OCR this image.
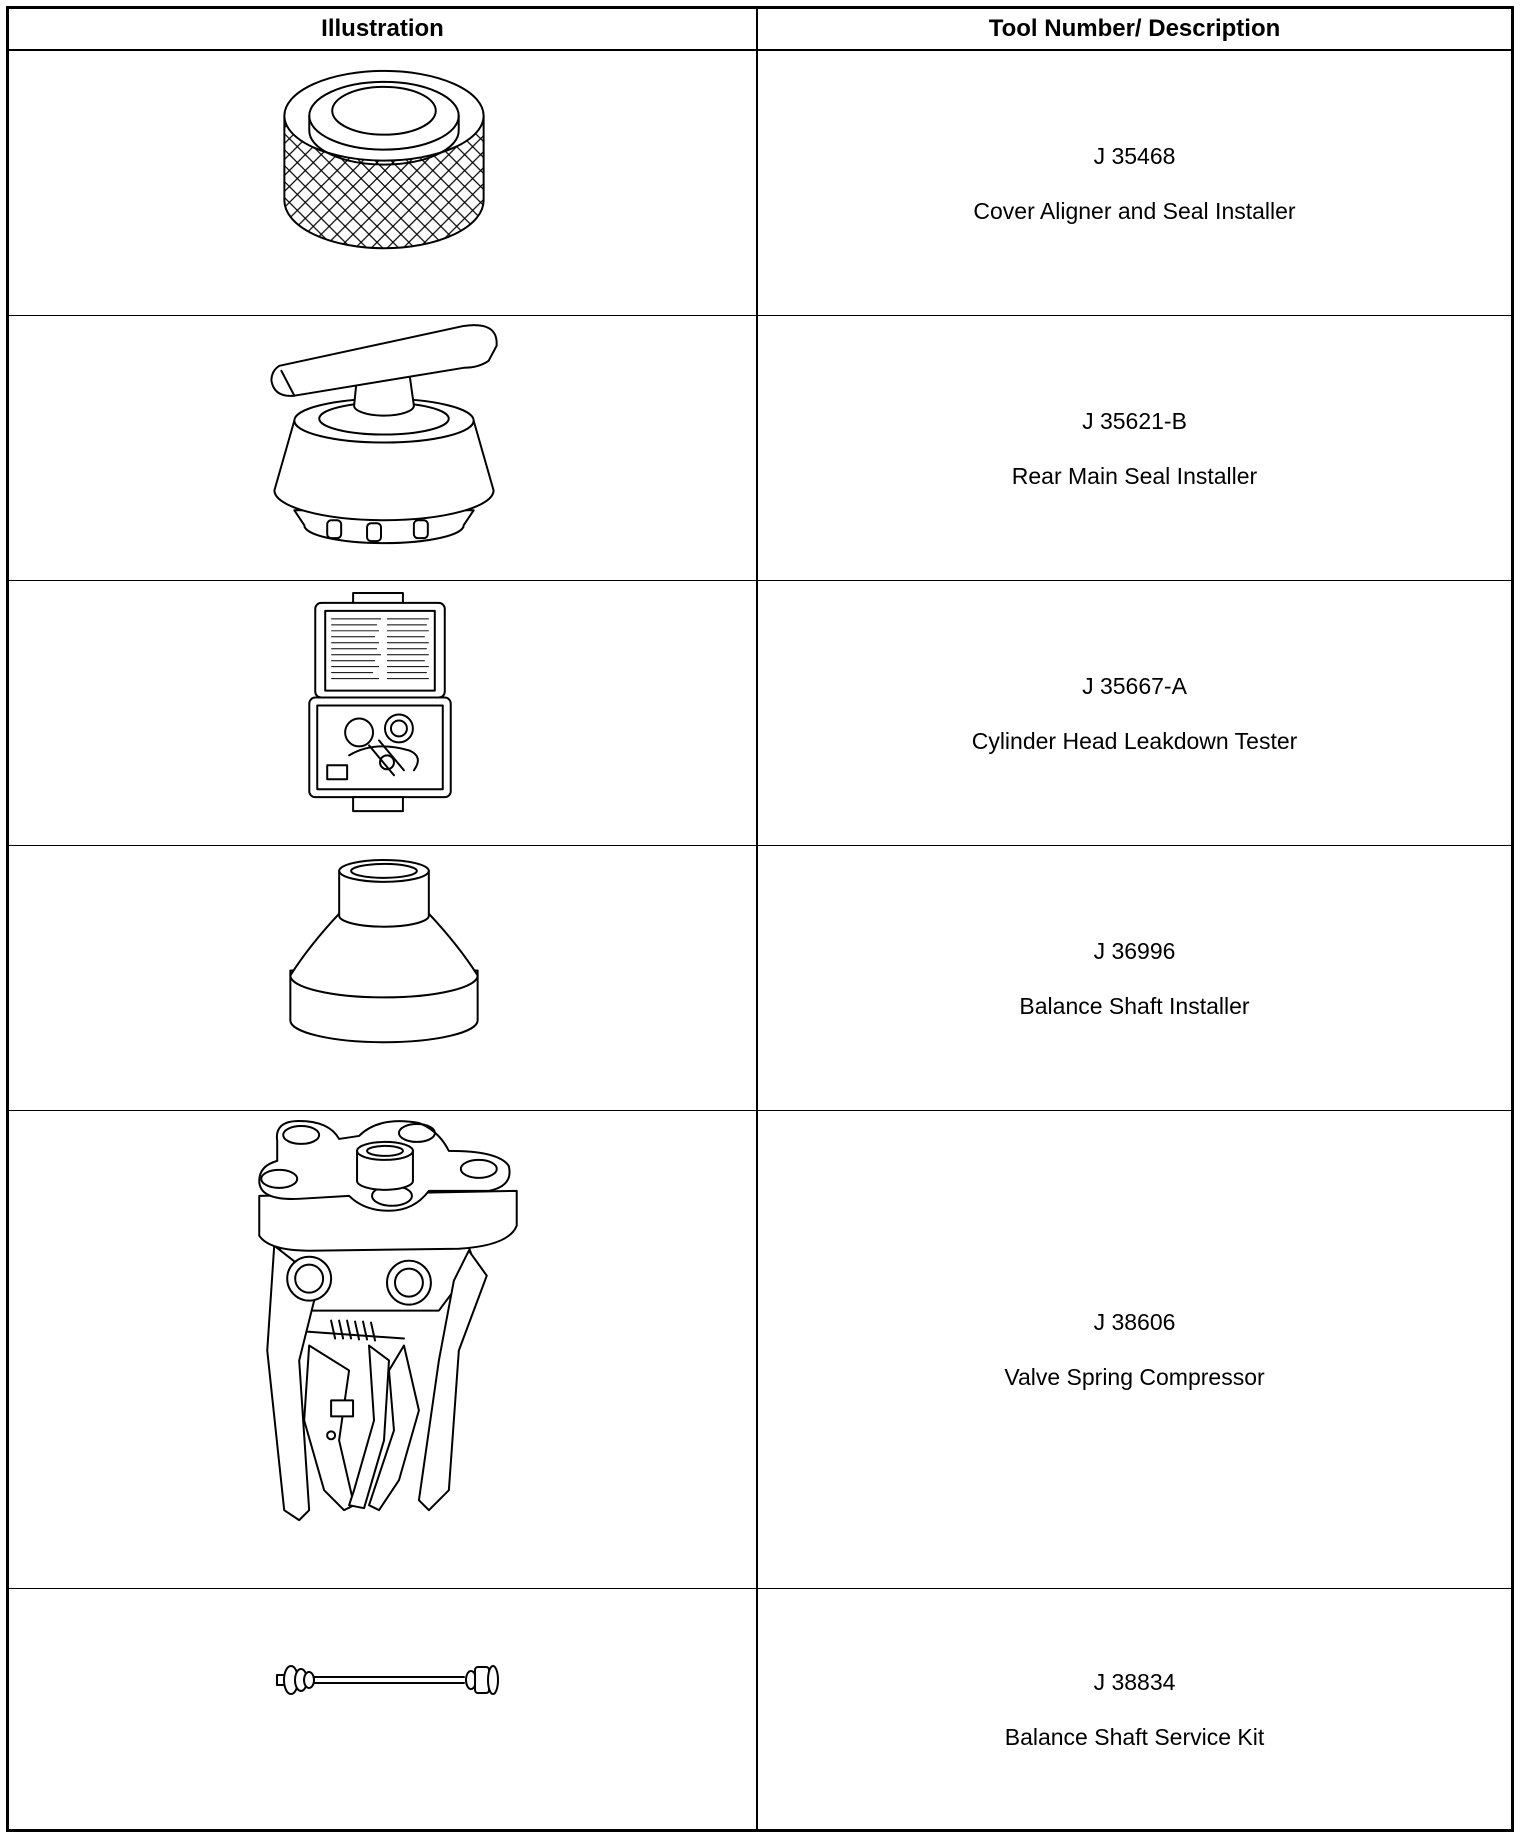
Illustration	Tool Number/ Description
J 35468
Cover Aligner and Seal Installer
J 35621-B
Rear Main Seal Installer
J 35667-A
Cylinder Head Leakdown Tester
J 36996
Balance Shaft Installer
J 38606
Valve Spring Compressor
J 38834
Balance Shaft Service Kit
